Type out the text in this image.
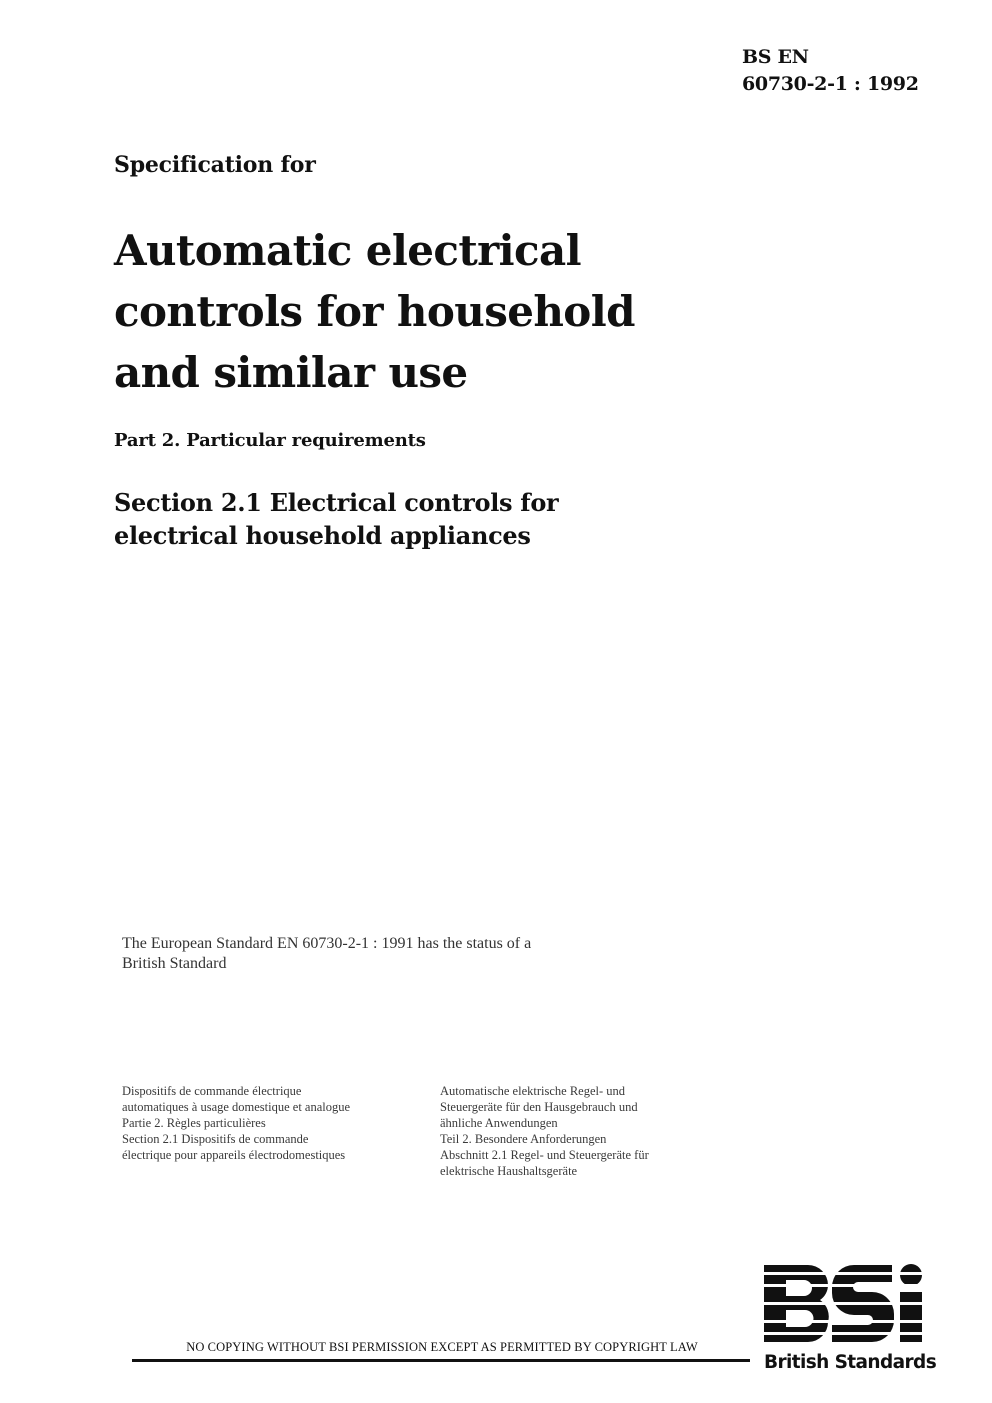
BS EN
60730-2-1 : 1992
Specification for
Automatic electrical
controls for household
and similar use
Part 2. Particular requirements
Section 2.1 Electrical controls for
electrical household appliances
The European Standard EN 60730-2-1 : 1991 has the status of a
British Standard
Dispositifs de commande électrique
automatiques à usage domestique et analogue
Partie 2. Règles particulières
Section 2.1 Dispositifs de commande
électrique pour appareils électrodomestiques
Automatische elektrische Regel- und
Steuergeräte für den Hausgebrauch und
ähnliche Anwendungen
Teil 2. Besondere Anforderungen
Abschnitt 2.1 Regel- und Steuergeräte für
elektrische Haushaltsgeräte
NO COPYING WITHOUT BSI PERMISSION EXCEPT AS PERMITTED BY COPYRIGHT LAW
British Standards
